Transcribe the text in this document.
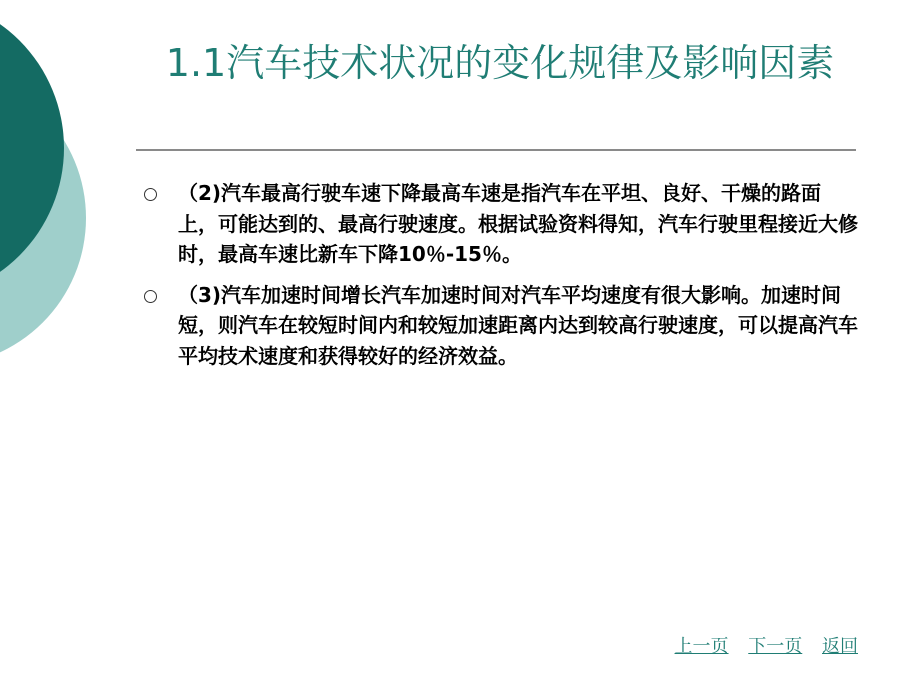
1.1汽车技术状况的变化规律及影响因素
（2)汽车最高行驶车速下降最高车速是指汽车在平坦、良好、干燥的路面上，可能达到的、最高行驶速度。根据试验资料得知，汽车行驶里程接近大修时，最高车速比新车下降10％-15％。
（3)汽车加速时间增长汽车加速时间对汽车平均速度有很大影响。加速时间短，则汽车在较短时间内和较短加速距离内达到较高行驶速度，可以提高汽车平均技术速度和获得较好的经济效益。
上一页 下一页 返回
